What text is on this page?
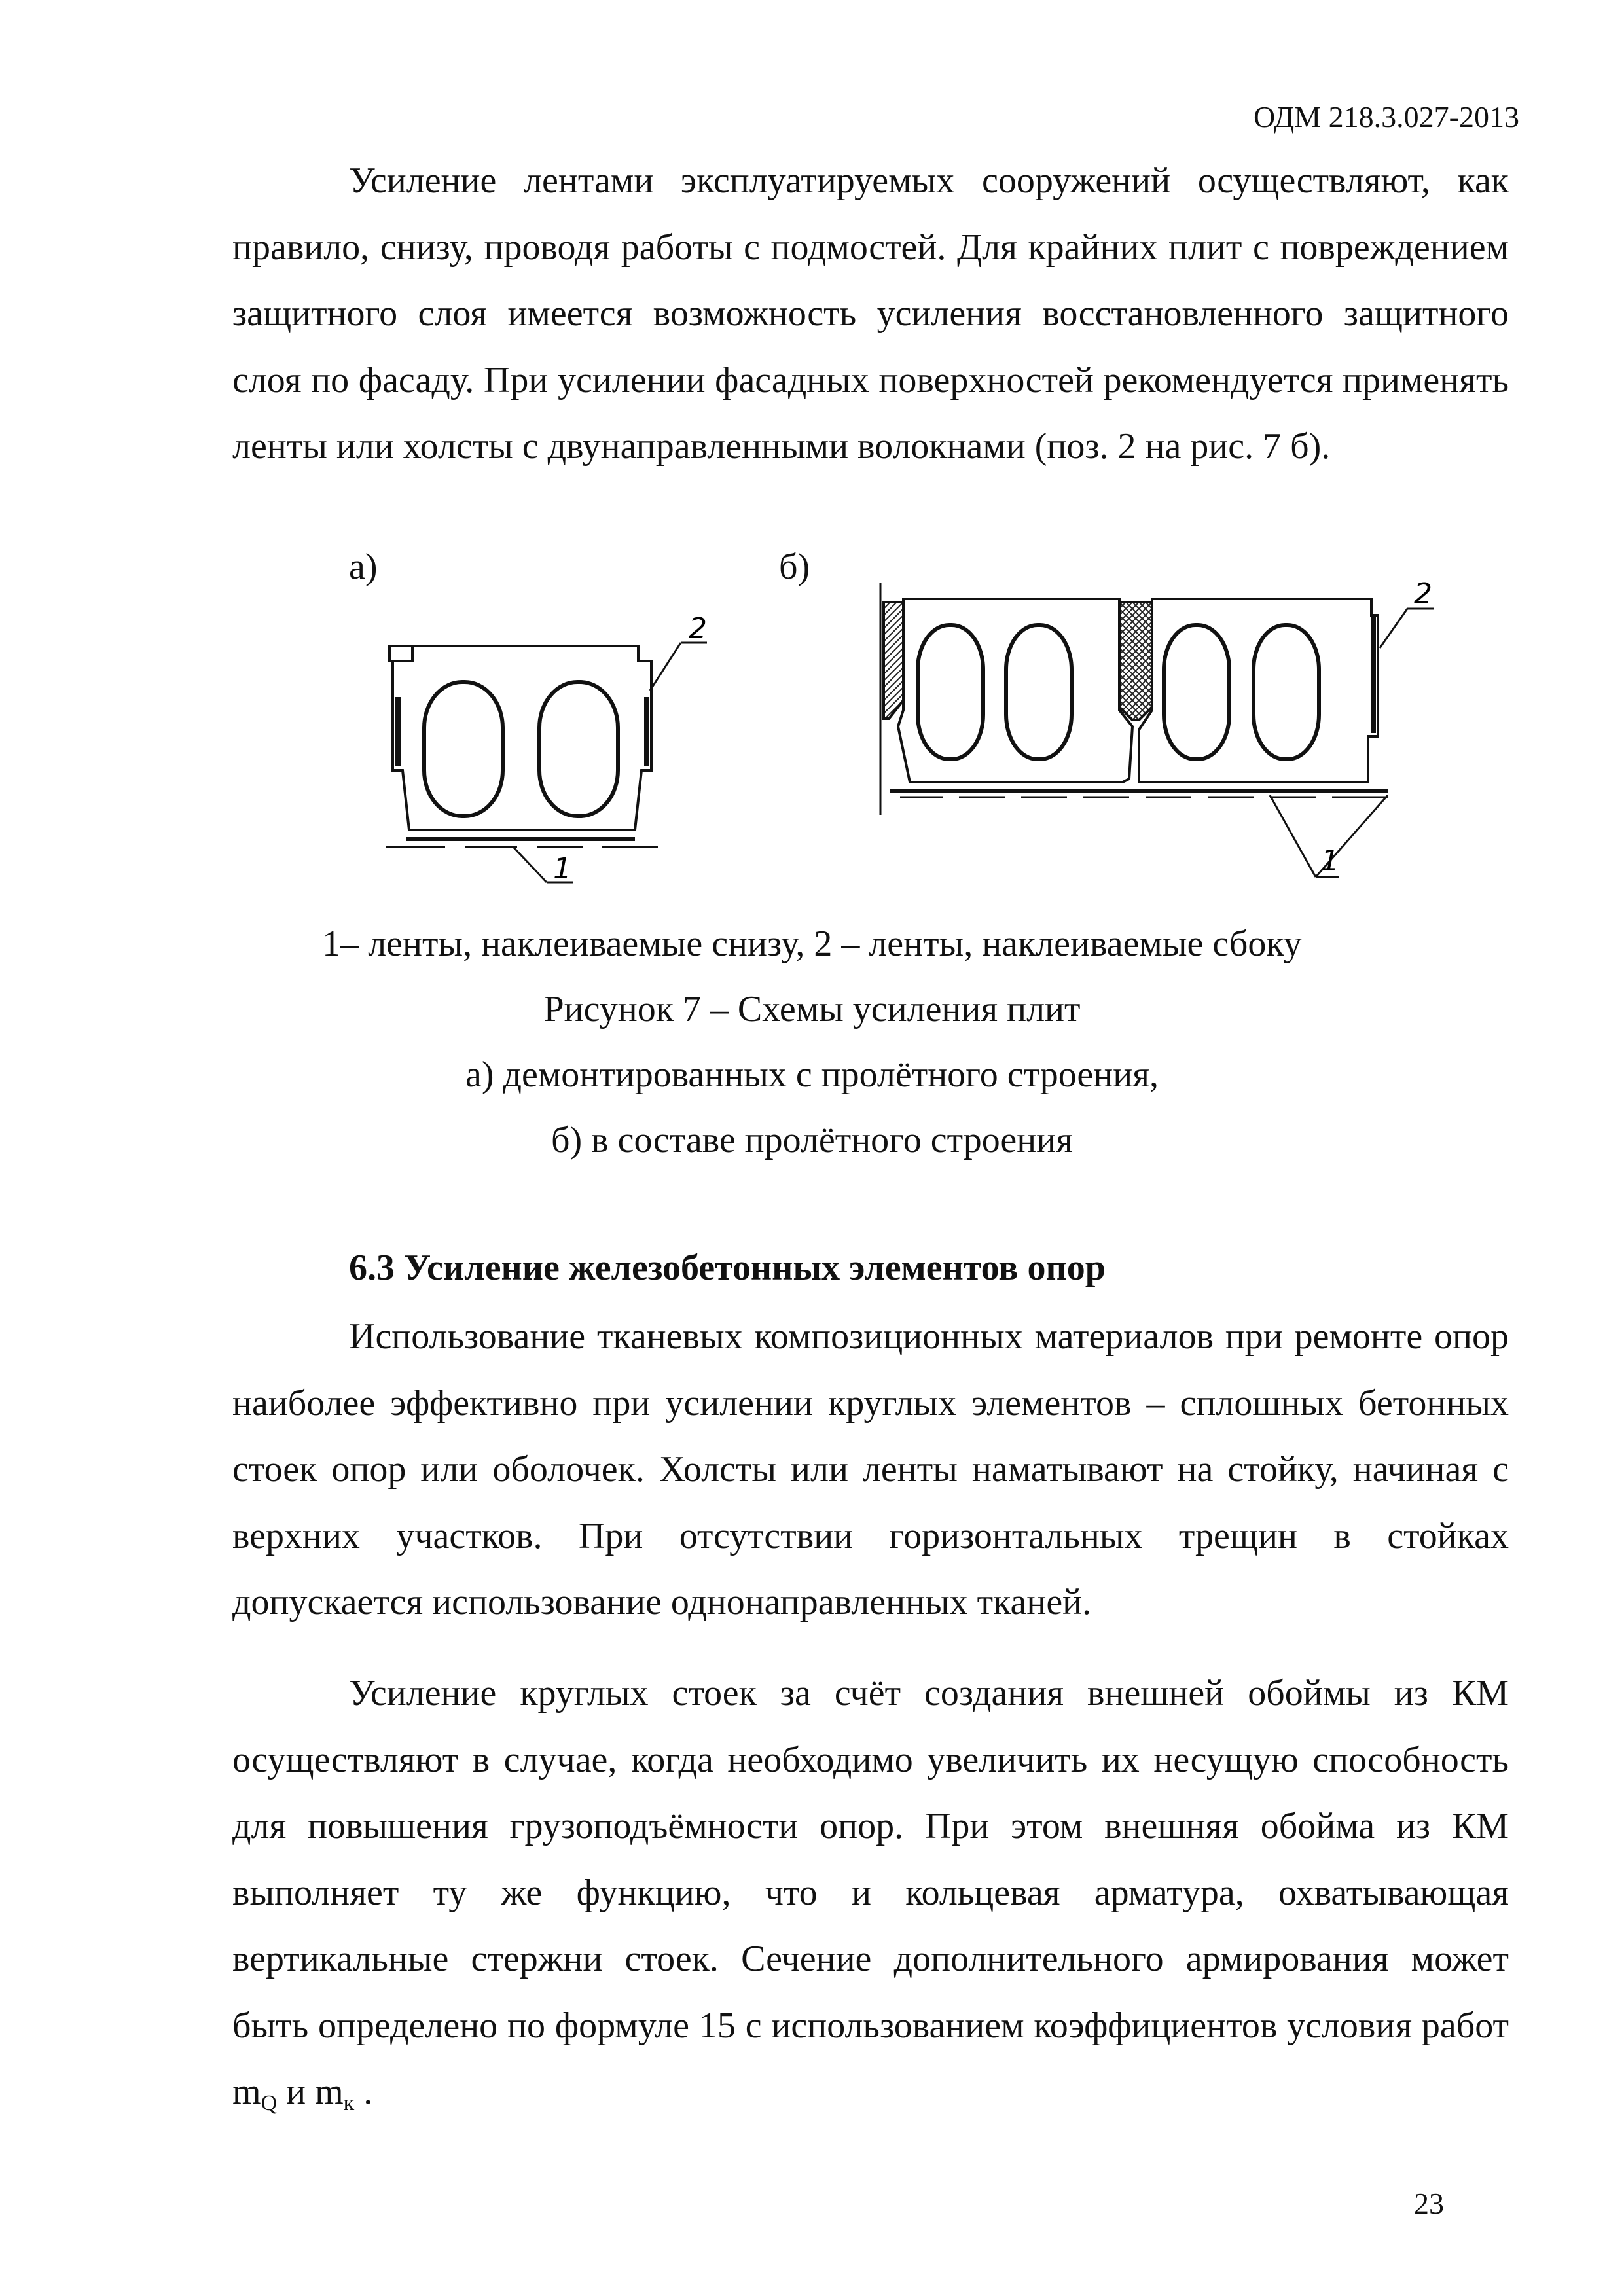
ОДМ 218.3.027-2013

Усиление лентами эксплуатируемых сооружений осуществляют, как правило, снизу, проводя работы с подмостей. Для крайних плит с повреждением защитного слоя имеется возможность усиления восстановленного защитного слоя по фасаду. При усилении фасадных поверхностей рекомендуется применять ленты или холсты с двунаправленными волокнами (поз. 2 на рис. 7 б).

а)	б)
2
1
2
1

1– ленты, наклеиваемые снизу, 2 – ленты, наклеиваемые сбоку

Рисунок 7 – Схемы усиления плит

а) демонтированных с пролётного строения,

б) в составе пролётного строения

6.3 Усиление железобетонных элементов опор

Использование тканевых композиционных материалов при ремонте опор наиболее эффективно при усилении круглых элементов – сплошных бетонных стоек опор или оболочек. Холсты или ленты наматывают на стойку, начиная с верхних участков. При отсутствии горизонтальных трещин в стойках допускается использование однонаправленных тканей.

Усиление круглых стоек за счёт создания внешней обоймы из КМ осуществляют в случае, когда необходимо увеличить их несущую способность для повышения грузоподъёмности опор. При этом внешняя обойма из КМ выполняет ту же функцию, что и кольцевая арматура, охватывающая вертикальные стержни стоек. Сечение дополнительного армирования может быть определено по формуле 15 с использованием коэффициентов условия работ $m_Q$ и $m_к$ .

23
